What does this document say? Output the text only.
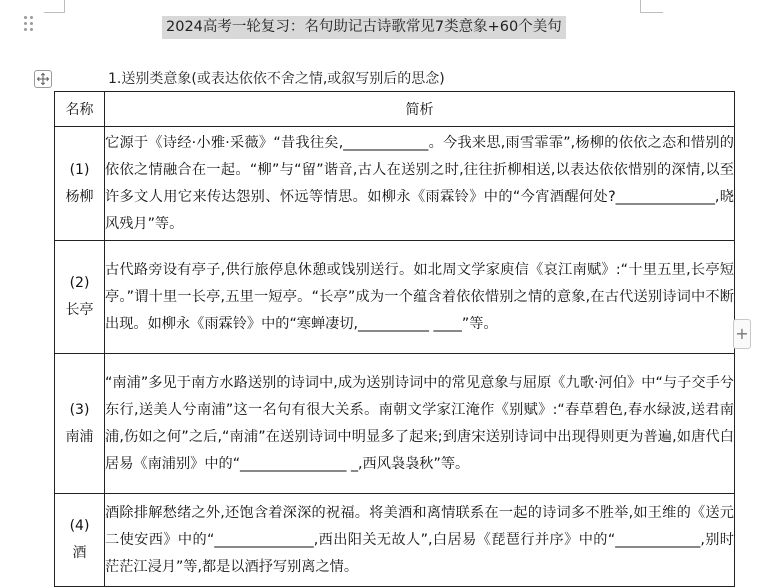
2024高考一轮复习：名句助记古诗歌常见7类意象+60个美句
1.送别类意象(或表达依依不舍之情,或叙写别后的思念)
名称	简析

(1)
杨柳	它源于《诗经·小雅·采薇》“昔我往矣,____________。今我来思,雨雪霏霏”,杨柳的依依之态和惜别的依依之情融合在一起。“柳”与“留”谐音,古人在送别之时,往往折柳相送,以表达依依惜别的深情,以至许多文人用它来传达怨别、怀远等情思。如柳永《雨霖铃》中的“今宵酒醒何处?______________,晓风残月”等。

(2)
长亭	古代路旁设有亭子,供行旅停息休憩或饯别送行。如北周文学家庾信《哀江南赋》:“十里五里,长亭短亭。”谓十里一长亭,五里一短亭。“长亭”成为一个蕴含着依依惜别之情的意象,在古代送别诗词中不断出现。如柳永《雨霖铃》中的“寒蝉凄切,__________ ____”等。

(3)
南浦	“南浦”多见于南方水路送别的诗词中,成为送别诗词中的常见意象与屈原《九歌·河伯》中“与子交手兮东行,送美人兮南浦”这一名句有很大关系。南朝文学家江淹作《别赋》:“春草碧色,春水绿波,送君南浦,伤如之何”之后,“南浦”在送别诗词中明显多了起来;到唐宋送别诗词中出现得则更为普遍,如唐代白居易《南浦别》中的“_______________ _,西风袅袅秋”等。

(4)
酒	酒除排解愁绪之外,还饱含着深深的祝福。将美酒和离情联系在一起的诗词多不胜举,如王维的《送元二使安西》中的“______________,西出阳关无故人”,白居易《琵琶行并序》中的“____________,别时茫茫江浸月”等,都是以酒抒写别离之情。
+
